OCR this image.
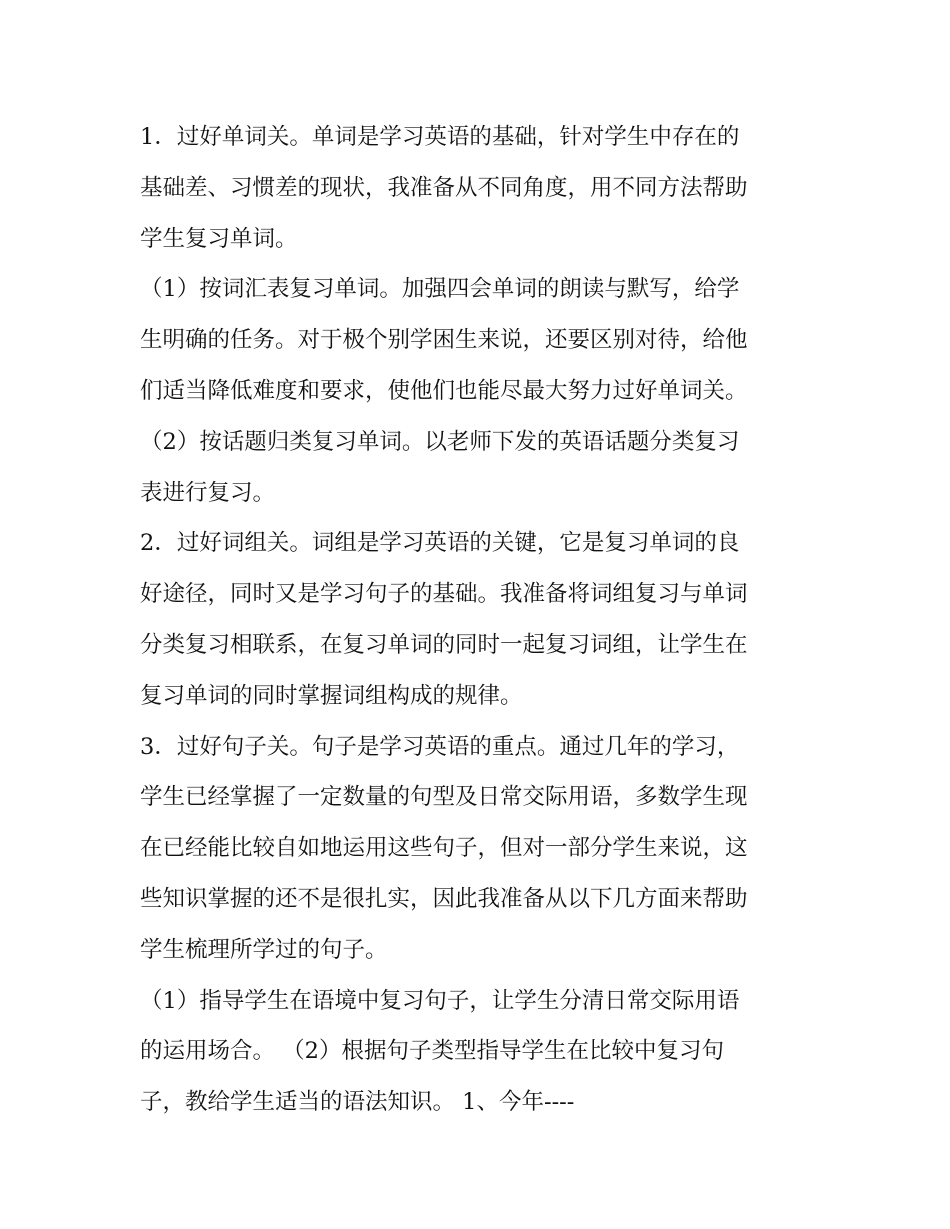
1．过好单词关。单词是学习英语的基础，针对学生中存在的
基础差、习惯差的现状，我准备从不同角度，用不同方法帮助
学生复习单词。
（1）按词汇表复习单词。加强四会单词的朗读与默写，给学
生明确的任务。对于极个别学困生来说，还要区别对待，给他
们适当降低难度和要求，使他们也能尽最大努力过好单词关。
（2）按话题归类复习单词。以老师下发的英语话题分类复习
表进行复习。
2．过好词组关。词组是学习英语的关键，它是复习单词的良
好途径，同时又是学习句子的基础。我准备将词组复习与单词
分类复习相联系，在复习单词的同时一起复习词组，让学生在
复习单词的同时掌握词组构成的规律。
3．过好句子关。句子是学习英语的重点。通过几年的学习，
学生已经掌握了一定数量的句型及日常交际用语，多数学生现
在已经能比较自如地运用这些句子，但对一部分学生来说，这
些知识掌握的还不是很扎实，因此我准备从以下几方面来帮助
学生梳理所学过的句子。
（1）指导学生在语境中复习句子，让学生分清日常交际用语
的运用场合。 （2）根据句子类型指导学生在比较中复习句
子，教给学生适当的语法知识。 1、今年----
